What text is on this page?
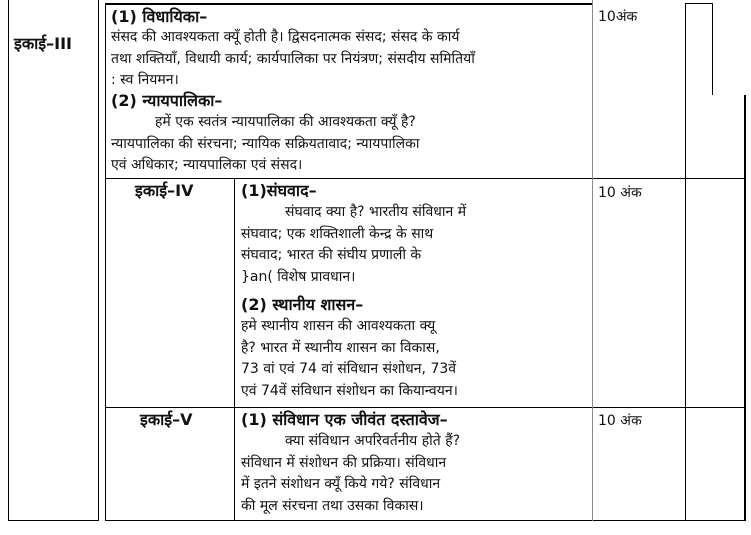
इकाई–III
(1) विधायिका–

संसद की आवश्यकता क्यूँ होती है। द्विसदनात्मक संसद; संसद के कार्य

तथा शक्तियाँ, विधायी कार्य; कार्यपालिका पर नियंत्रण; संसदीय समितियाँ

: स्व नियमन।

(2) न्यायपालिका–

हमें एक स्वतंत्र न्यायपालिका की आवश्यकता क्यूँ है?

न्यायपालिका की संरचना; न्यायिक सक्रियतावाद; न्यायपालिका

एवं अधिकार; न्यायपालिका एवं संसद।

10अंक
इकाई–IV	(1)संघवाद–

संघवाद क्या है? भारतीय संविधान में

संघवाद; एक शक्तिशाली केन्द्र के साथ

संघवाद; भारत की संघीय प्रणाली के

}an( विशेष प्रावधान।

(2) स्थानीय शासन–

हमे स्थानीय शासन की आवश्यकता क्यू

है? भारत में स्थानीय शासन का विकास,

73 वां एवं 74 वां संविधान संशोधन, 73वें

एवं 74वें संविधान संशोधन का कियान्वयन।

10 अंक
इकाई–V	(1) संविधान एक जीवंत दस्तावेज–

क्या संविधान अपरिवर्तनीय होते हैं?

संविधान में संशोधन की प्रक्रिया। संविधान

में इतने संशोधन क्यूँ किये गये? संविधान

की मूल संरचना तथा उसका विकास।

10 अंक
